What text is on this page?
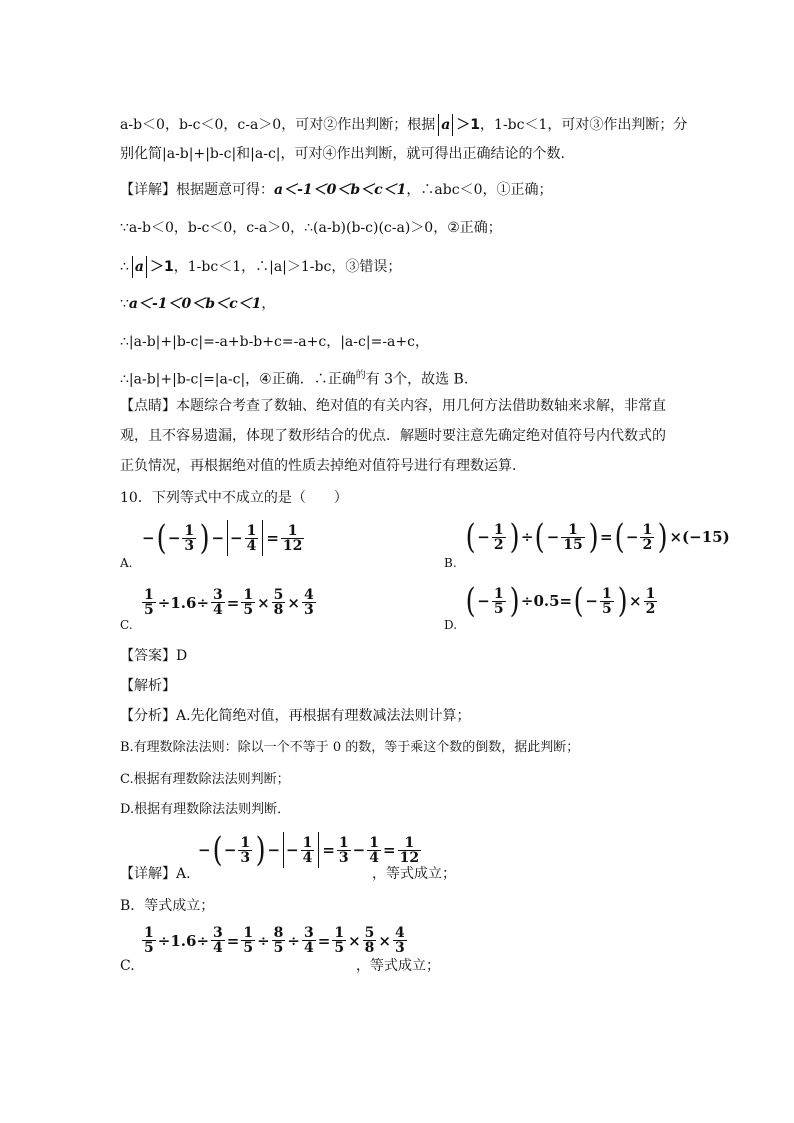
a-b＜0，b-c＜0，c-a＞0，可对②作出判断；根据 a ＞1，1-bc＜1，可对③作出判断；分
别化简|a-b|+|b-c|和|a-c|，可对④作出判断，就可得出正确结论的个数.
【详解】根据题意可得：a＜-1＜0＜b＜c＜1，∴abc＜0，①正确；
∵a-b＜0，b-c＜0，c-a＞0，∴(a-b)(b-c)(c-a)＞0，②正确；
∴ a ＞1，1-bc＜1，∴|a|＞1-bc，③错误；
∵a＜-1＜0＜b＜c＜1，
∴|a-b|+|b-c|=-a+b-b+c=-a+c，|a-c|=-a+c，
∴|a-b|+|b-c|=|a-c|，④正确．∴正确$^的$有 3个，故选 B.
【点睛】本题综合考查了数轴、绝对值的有关内容，用几何方法借助数轴来求解，非常直
观，且不容易遗漏，体现了数形结合的优点．解题时要注意先确定绝对值符号内代数式的
正负情况，再根据绝对值的性质去掉绝对值符号进行有理数运算．
10．下列等式中不成立的是（　　）
A.
− ( − $\frac{1}{3}$ ) − − $\frac{1}{4} = \frac{1}{12}$
B.
( − $\frac{1}{2}$ ) ÷ ( − $\frac{1}{15}$ ) = ( − $\frac{1}{2}$ ) × (−15)
C.
$\frac{1}{5} \div 1.6 \div \frac{3}{4} = \frac{1}{5} \times \frac{5}{8} \times \frac{4}{3}$
D.
( − $\frac{1}{5}$ ) ÷ 0.5 = ( − $\frac{1}{5}$ ) × $\frac{1}{2}$
【答案】D
【解析】
【分析】A.先化简绝对值，再根据有理数减法法则计算；
B.有理数除法法则：除以一个不等于 0 的数，等于乘这个数的倒数，据此判断；
C.根据有理数除法法则判断；
D.根据有理数除法法则判断．
【详解】A.
− ( − $\frac{1}{3}$ ) − − $\frac{1}{4} = \frac{1}{3} - \frac{1}{4} = \frac{1}{12}$
，等式成立；
B．等式成立；
C.
$\frac{1}{5} \div 1.6 \div \frac{3}{4} = \frac{1}{5} \div \frac{8}{5} \div \frac{3}{4} = \frac{1}{5} \times \frac{5}{8} \times \frac{4}{3}$
，等式成立；
